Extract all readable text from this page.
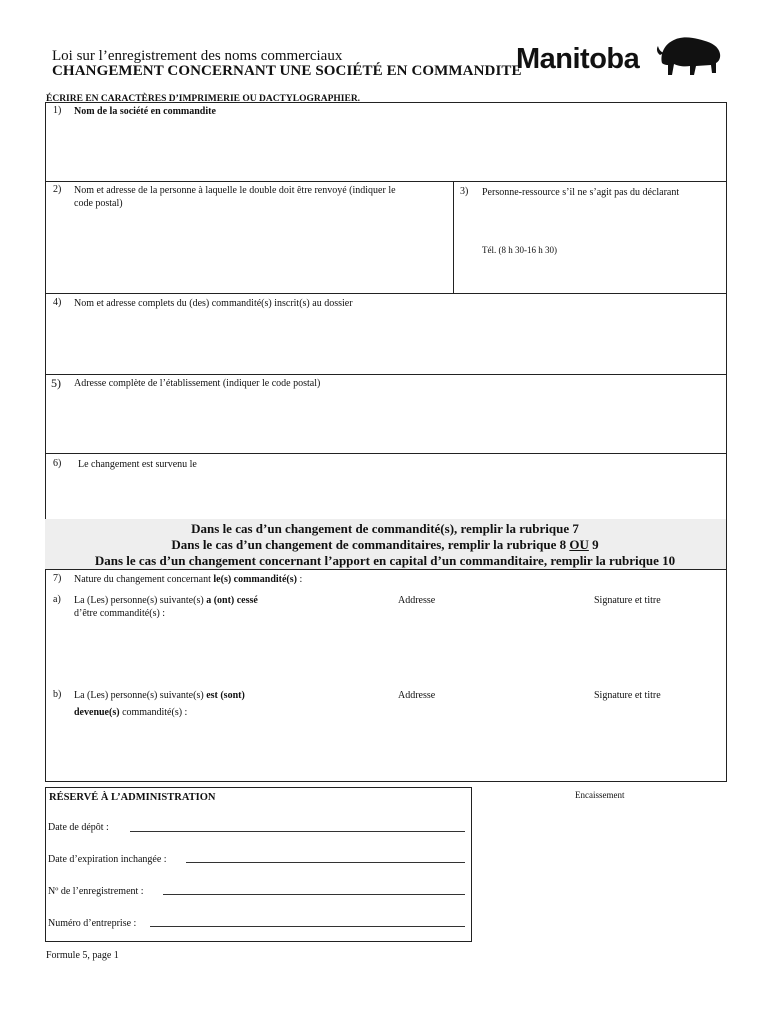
Loi sur l’enregistrement des noms commerciaux
CHANGEMENT CONCERNANT UNE SOCIÉTÉ EN COMMANDITE
Manitoba
ÉCRIRE EN CARACTÈRES D’IMPRIMERIE OU DACTYLOGRAPHIER.
1) Nom de la société en commandite
2) Nom et adresse de la personne à laquelle le double doit être renvoyé (indiquer le
code postal)
3) Personne-ressource s’il ne s’agit pas du déclarant
Tél. (8 h 30-16 h 30)
4) Nom et adresse complets du (des) commandité(s) inscrit(s) au dossier
5) Adresse complète de l’établissement (indiquer le code postal)
6) Le changement est survenu le
Dans le cas d’un changement de commandité(s), remplir la rubrique 7
Dans le cas d’un changement de commanditaires, remplir la rubrique 8 OU 9
Dans le cas d’un changement concernant l’apport en capital d’un commanditaire, remplir la rubrique 10
7) Nature du changement concernant le(s) commandité(s) :
a) La (Les) personne(s) suivante(s) a (ont) cessé
d’être commandité(s) :
Addresse	Signature et titre
b) La (Les) personne(s) suivante(s) est (sont)
devenue(s) commandité(s) :
Addresse	Signature et titre
RÉSERVÉ À L’ADMINISTRATION
Date de dépôt :
Date d’expiration inchangée :
Nº de l’enregistrement :
Numéro d’entreprise :
Encaissement
Formule 5, page 1
